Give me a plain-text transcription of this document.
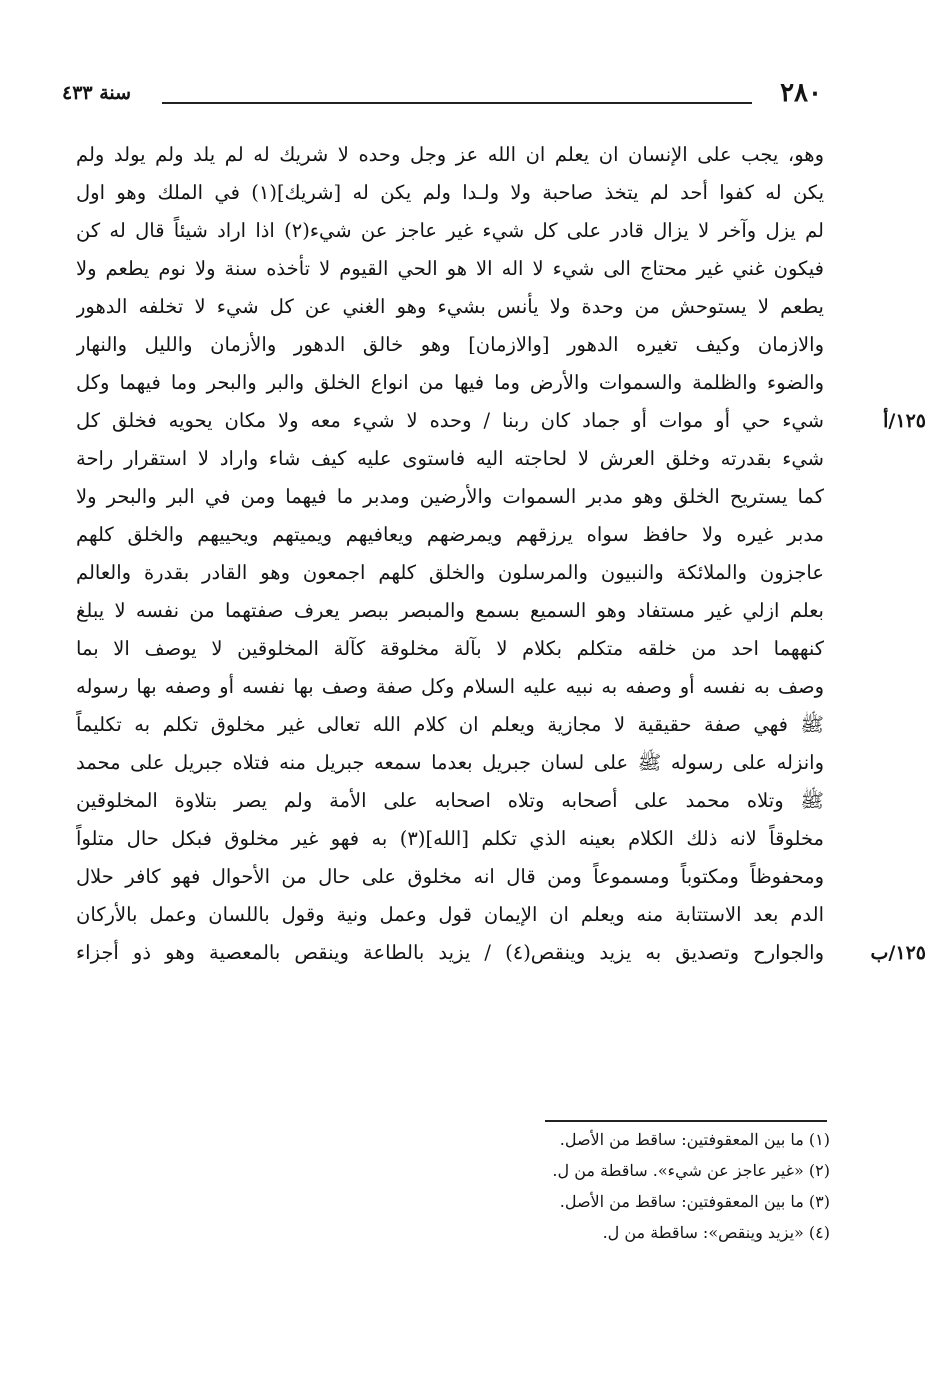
٢٨٠
سنة ٤٣٣
وهو، يجب على الإنسان ان يعلم ان الله عز وجل وحده لا شريك له لم يلد ولم يولد ولم
يكن له كفوا أحد لم يتخذ صاحبة ولا ولـدا ولم يكن له [شريك](١) في الملك وهو اول
لم يزل وآخر لا يزال قادر على كل شيء غير عاجز عن شيء(٢) اذا اراد شيئاً قال له كن
فيكون غني غير محتاج الى شيء لا اله الا هو الحي القيوم لا تأخذه سنة ولا نوم يطعم ولا
يطعم لا يستوحش من وحدة ولا يأنس بشيء وهو الغني عن كل شيء لا تخلفه الدهور
والازمان وكيف تغيره الدهور [والازمان] وهو خالق الدهور والأزمان والليل والنهار
والضوء والظلمة والسموات والأرض وما فيها من انواع الخلق والبر والبحر وما فيهما وكل
شيء حي أو موات أو جماد كان ربنا / وحده لا شيء معه ولا مكان يحويه فخلق كل
شيء بقدرته وخلق العرش لا لحاجته اليه فاستوى عليه كيف شاء واراد لا استقرار راحة
كما يستريح الخلق وهو مدبر السموات والأرضين ومدبر ما فيهما ومن في البر والبحر ولا
مدبر غيره ولا حافظ سواه يرزقهم ويمرضهم ويعافيهم ويميتهم ويحييهم والخلق كلهم
عاجزون والملائكة والنبيون والمرسلون والخلق كلهم اجمعون وهو القادر بقدرة والعالم
بعلم ازلي غير مستفاد وهو السميع بسمع والمبصر ببصر يعرف صفتهما من نفسه لا يبلغ
كنههما احد من خلقه متكلم بكلام لا بآلة مخلوقة كآلة المخلوقين لا يوصف الا بما
وصف به نفسه أو وصفه به نبيه عليه السلام وكل صفة وصف بها نفسه أو وصفه بها رسوله
ﷺ فهي صفة حقيقية لا مجازية ويعلم ان كلام الله تعالى غير مخلوق تكلم به تكليماً
وانزله على رسوله ﷺ على لسان جبريل بعدما سمعه جبريل منه فتلاه جبريل على محمد
ﷺ وتلاه محمد على أصحابه وتلاه اصحابه على الأمة ولم يصر بتلاوة المخلوقين
مخلوقاً لانه ذلك الكلام بعينه الذي تكلم [الله](٣) به فهو غير مخلوق فبكل حال متلواً
ومحفوظاً ومكتوباً ومسموعاً ومن قال انه مخلوق على حال من الأحوال فهو كافر حلال
الدم بعد الاستتابة منه ويعلم ان الإيمان قول وعمل ونية وقول باللسان وعمل بالأركان
والجوارح وتصديق به يزيد وينقص(٤) / يزيد بالطاعة وينقص بالمعصية وهو ذو أجزاء
١٢٥/أ
١٢٥/ب
(١) ما بين المعقوفتين: ساقط من الأصل.
(٢) «غير عاجز عن شيء». ساقطة من ل.
(٣) ما بين المعقوفتين: ساقط من الأصل.
(٤) «يزيد وينقص»: ساقطة من ل.
